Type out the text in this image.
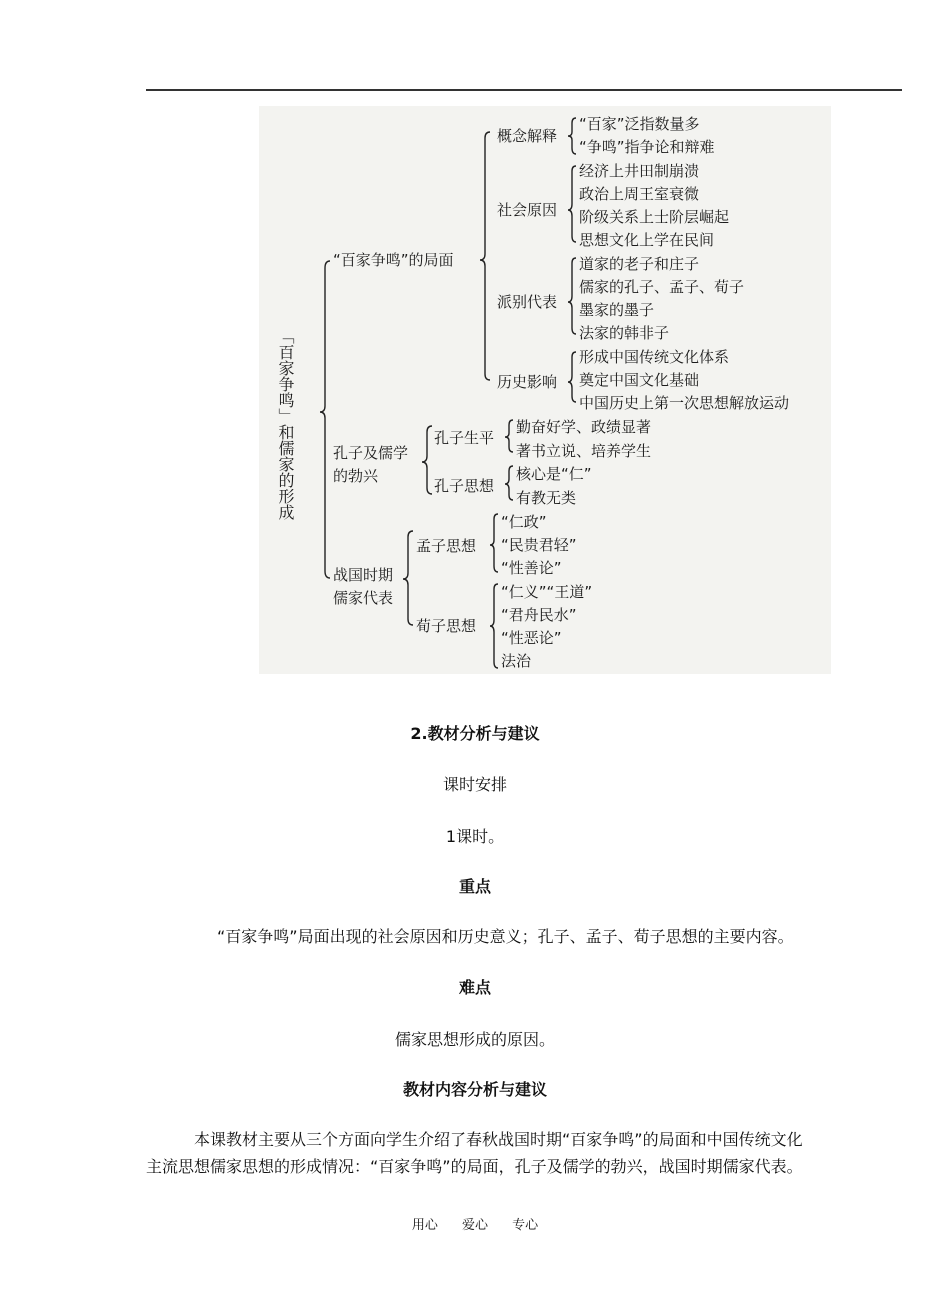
「百家争鸣」和儒家的形成
“百家争鸣”的局面
概念解释
“百家”泛指数量多
“争鸣”指争论和辩难
社会原因
经济上井田制崩溃
政治上周王室衰微
阶级关系上士阶层崛起
思想文化上学在民间
派别代表
道家的老子和庄子
儒家的孔子、孟子、荀子
墨家的墨子
法家的韩非子
历史影响
形成中国传统文化体系
奠定中国文化基础
中国历史上第一次思想解放运动
孔子及儒学
的勃兴
孔子生平
勤奋好学、政绩显著
著书立说、培养学生
孔子思想
核心是“仁”
有教无类
战国时期
儒家代表
孟子思想
“仁政”
“民贵君轻”
“性善论”
荀子思想
“仁义”“王道”
“君舟民水”
“性恶论”
法治
2.教材分析与建议
课时安排
1课时。
重点
“百家争鸣”局面出现的社会原因和历史意义；孔子、孟子、荀子思想的主要内容。
难点
儒家思想形成的原因。
教材内容分析与建议
本课教材主要从三个方面向学生介绍了春秋战国时期“百家争鸣”的局面和中国传统文化
主流思想儒家思想的形成情况：“百家争鸣”的局面，孔子及儒学的勃兴，战国时期儒家代表。
用心 爱心 专心
